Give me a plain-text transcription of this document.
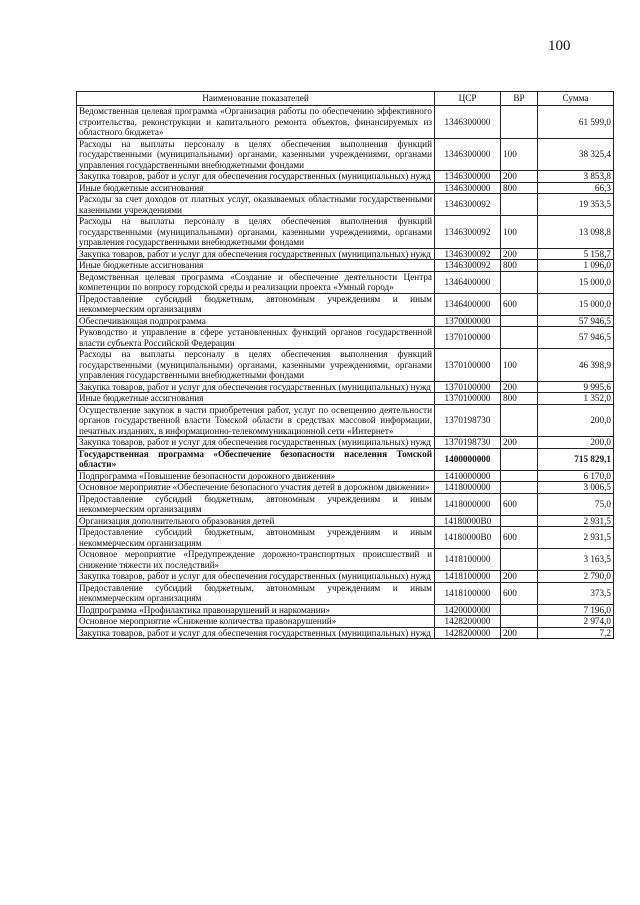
100
Наименование показателей	ЦСР	ВР	Сумма
Ведомственная целевая программа «Организация работы по обеспечению эффективного строительства, реконструкции и капитального ремонта объектов, финансируемых из областного бюджета»	1346300000		61 599,0
Расходы на выплаты персоналу в целях обеспечения выполнения функций государственными (муниципальными) органами, казенными учреждениями, органами управления государственными внебюджетными фондами	1346300000	100	38 325,4
Закупка товаров, работ и услуг для обеспечения государственных (муниципальных) нужд	1346300000	200	3 853,8
Иные бюджетные ассигнования	1346300000	800	66,3
Расходы за счет доходов от платных услуг, оказываемых областными государственными казенными учреждениями	1346300092		19 353,5
Расходы на выплаты персоналу в целях обеспечения выполнения функций государственными (муниципальными) органами, казенными учреждениями, органами управления государственными внебюджетными фондами	1346300092	100	13 098,8
Закупка товаров, работ и услуг для обеспечения государственных (муниципальных) нужд	1346300092	200	5 158,7
Иные бюджетные ассигнования	1346300092	800	1 096,0
Ведомственная целевая программа «Создание и обеспечение деятельности Центра компетенции по вопросу городской среды и реализации проекта «Умный город»	1346400000		15 000,0
Предоставление субсидий бюджетным, автономным учреждениям и иным некоммерческим организациям	1346400000	600	15 000,0
Обеспечивающая подпрограмма	1370000000		57 946,5
Руководство и управление в сфере установленных функций органов государственной власти субъекта Российской Федерации	1370100000		57 946,5
Расходы на выплаты персоналу в целях обеспечения выполнения функций государственными (муниципальными) органами, казенными учреждениями, органами управления государственными внебюджетными фондами	1370100000	100	46 398,9
Закупка товаров, работ и услуг для обеспечения государственных (муниципальных) нужд	1370100000	200	9 995,6
Иные бюджетные ассигнования	1370100000	800	1 352,0
Осуществление закупок в части приобретения работ, услуг по освещению деятельности органов государственной власти Томской области в средствах массовой информации, печатных изданиях, в информационно-телекоммуникационной сети «Интернет»	1370198730		200,0
Закупка товаров, работ и услуг для обеспечения государственных (муниципальных) нужд	1370198730	200	200,0
Государственная программа «Обеспечение безопасности населения Томской области»	1400000000		715 829,1
Подпрограмма «Повышение безопасности дорожного движения»	1410000000		6 170,0
Основное мероприятие «Обеспечение безопасного участия детей в дорожном движении»	1418000000		3 006,5
Предоставление субсидий бюджетным, автономным учреждениям и иным некоммерческим организациям	1418000000	600	75,0
Организация дополнительного образования детей	14180000В0		2 931,5
Предоставление субсидий бюджетным, автономным учреждениям и иным некоммерческим организациям	14180000В0	600	2 931,5
Основное мероприятие «Предупреждение дорожно-транспортных происшествий и снижение тяжести их последствий»	1418100000		3 163,5
Закупка товаров, работ и услуг для обеспечения государственных (муниципальных) нужд	1418100000	200	2 790,0
Предоставление субсидий бюджетным, автономным учреждениям и иным некоммерческим организациям	1418100000	600	373,5
Подпрограмма «Профилактика правонарушений и наркомании»	1420000000		7 196,0
Основное мероприятие «Снижение количества правонарушений»	1428200000		2 974,0
Закупка товаров, работ и услуг для обеспечения государственных (муниципальных) нужд	1428200000	200	7,2
